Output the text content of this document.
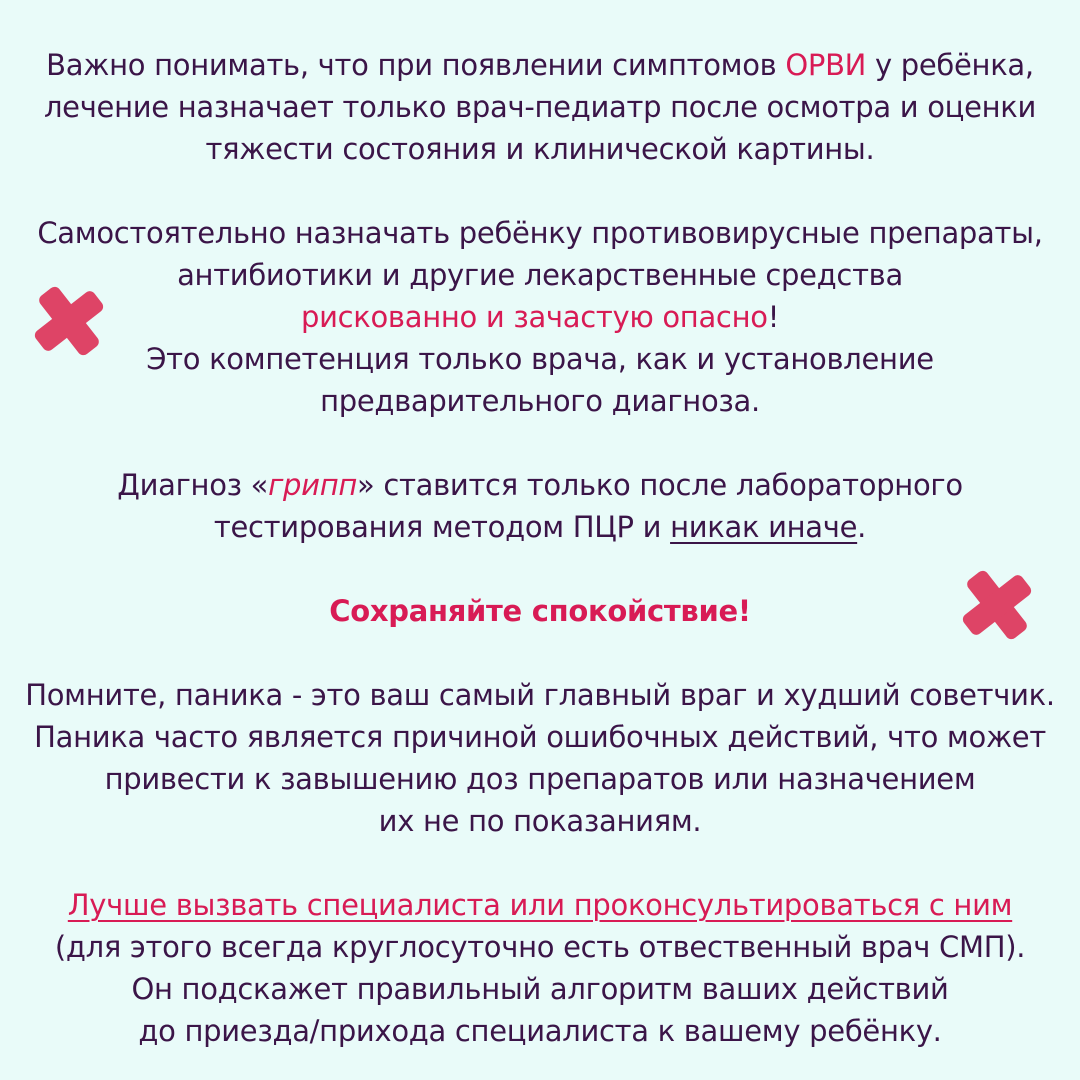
Важно понимать, что при появлении симптомов ОРВИ у ребёнка,
лечение назначает только врач-педиатр после осмотра и оценки
тяжести состояния и клинической картины.
Самостоятельно назначать ребёнку противовирусные препараты,
антибиотики и другие лекарственные средства
рискованно и зачастую опасно!
Это компетенция только врача, как и установление
предварительного диагноза.
Диагноз «грипп» ставится только после лабораторного
тестирования методом ПЦР и никак иначе.
Сохраняйте спокойствие!
Помните, паника - это ваш самый главный враг и худший советчик.
Паника часто является причиной ошибочных действий, что может
привести к завышению доз препаратов или назначением
их не по показаниям.
Лучше вызвать специалиста или проконсультироваться с ним
(для этого всегда круглосуточно есть отвественный врач СМП).
Он подскажет правильный алгоритм ваших действий
до приезда/прихода специалиста к вашему ребёнку.
